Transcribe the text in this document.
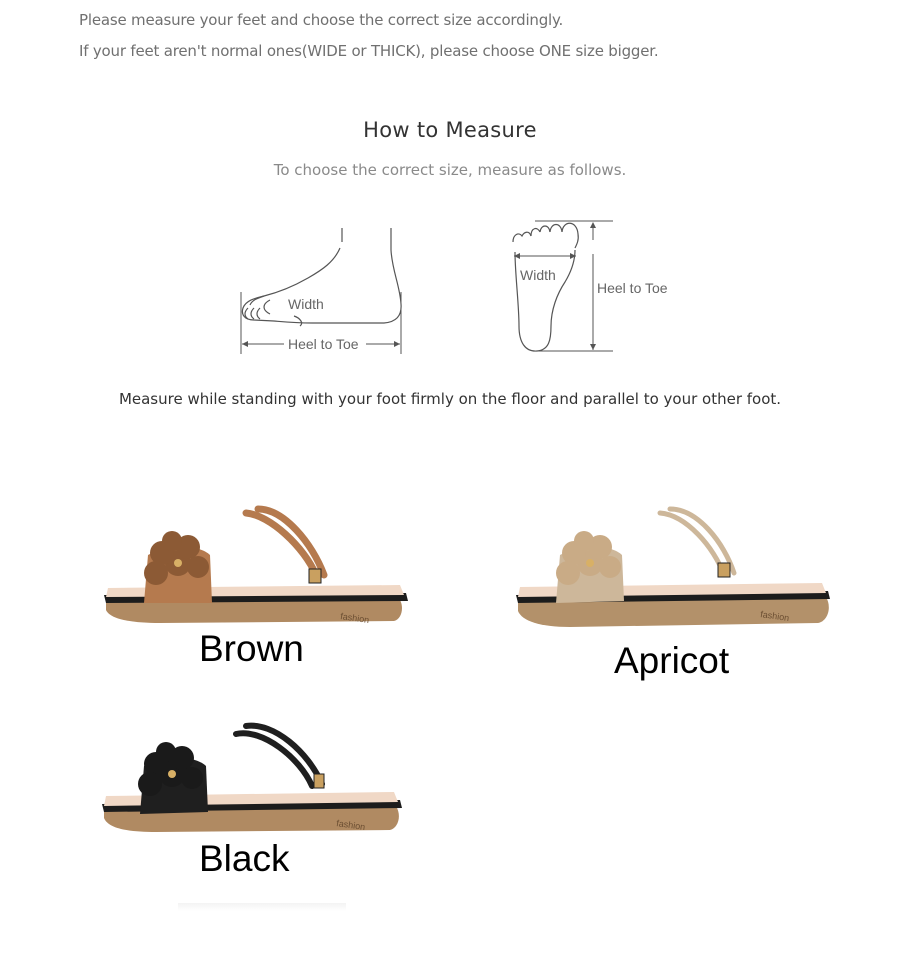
Please measure your feet and choose the correct size accordingly.
If your feet aren't normal ones(WIDE or THICK), please choose ONE size bigger.
How to Measure
To choose the correct size, measure as follows.
Width
Heel to Toe
Width
Heel to Toe
Measure while standing with your foot firmly on the floor and parallel to your other foot.
fashion
Brown
fashion
Apricot
fashion
Black
